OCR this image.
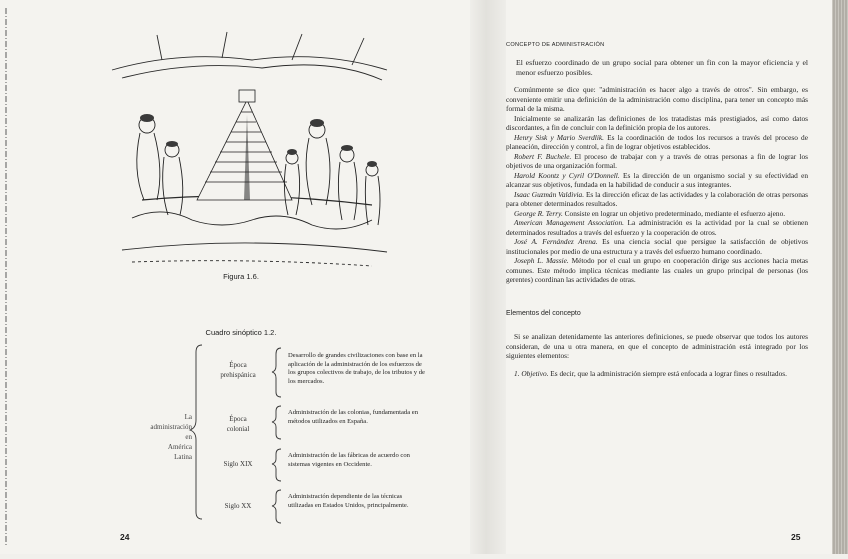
Figura 1.6.
Cuadro sinóptico 1.2.
La
administración
en
América
Latina
Época
prehispánica
Desarrollo de grandes civilizaciones con base en la aplicación de la administración de los esfuerzos de los grupos colectivos de trabajo, de los tributos y de los mercados.
Época
colonial
Administración de las colonias, fundamentada en métodos utilizados en España.
Siglo XIX
Administración de las fábricas de acuerdo con sistemas vigentes en Occidente.
Siglo XX
Administración dependiente de las técnicas utilizadas en Estados Unidos, principalmente.
24
CONCEPTO DE ADMINISTRACIÓN

El esfuerzo coordinado de un grupo social para obtener un fin con la mayor eficiencia y el menor esfuerzo posibles.

Comúnmente se dice que: "administración es hacer algo a través de otros". Sin embargo, es conveniente emitir una definición de la administración como disciplina, para tener un concepto más formal de la misma.

Inicialmente se analizarán las definiciones de los tratadistas más prestigiados, así como datos discordantes, a fin de concluir con la definición propia de los autores.

Henry Sisk y Mario Sverdlik. Es la coordinación de todos los recursos a través del proceso de planeación, dirección y control, a fin de lograr objetivos establecidos.

Robert F. Buchele. El proceso de trabajar con y a través de otras personas a fin de lograr los objetivos de una organización formal.

Harold Koontz y Cyril O'Donnell. Es la dirección de un organismo social y su efectividad en alcanzar sus objetivos, fundada en la habilidad de conducir a sus integrantes.

Isaac Guzmán Valdivia. Es la dirección eficaz de las actividades y la colaboración de otras personas para obtener determinados resultados.

George R. Terry. Consiste en lograr un objetivo predeterminado, mediante el esfuerzo ajeno.

American Management Association. La administración es la actividad por la cual se obtienen determinados resultados a través del esfuerzo y la cooperación de otros.

José A. Fernández Arena. Es una ciencia social que persigue la satisfacción de objetivos institucionales por medio de una estructura y a través del esfuerzo humano coordinado.

Joseph L. Massie. Método por el cual un grupo en cooperación dirige sus acciones hacia metas comunes. Este método implica técnicas mediante las cuales un grupo principal de personas (los gerentes) coordinan las actividades de otras.

Elementos del concepto

Si se analizan detenidamente las anteriores definiciones, se puede observar que todos los autores consideran, de una u otra manera, en que el concepto de administración está integrado por los siguientes elementos:

1. Objetivo. Es decir, que la administración siempre está enfocada a lograr fines o resultados.

25
